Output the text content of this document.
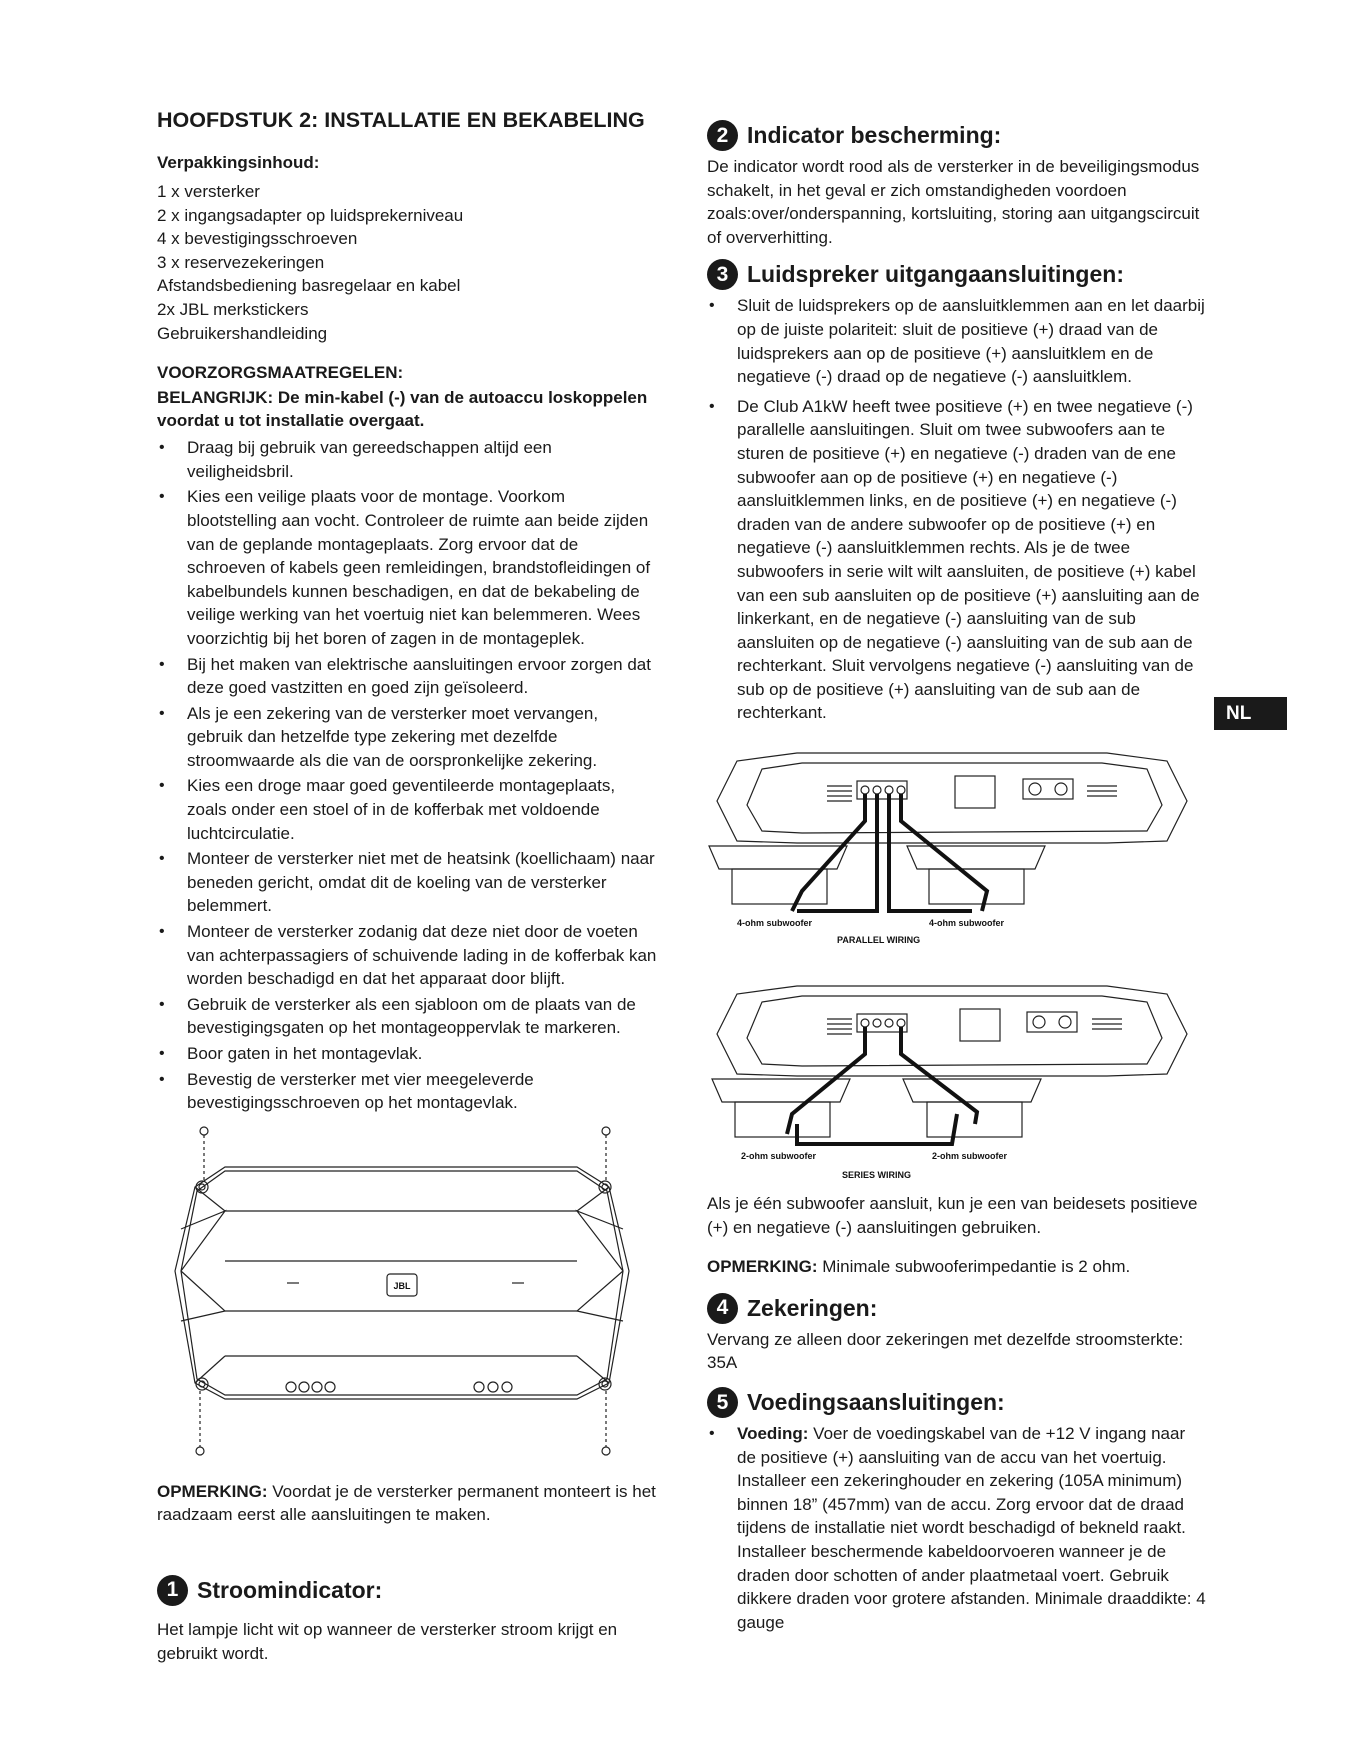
HOOFDSTUK 2: INSTALLATIE EN BEKABELING
Verpakkingsinhoud:
1 x versterker
2 x ingangsadapter op luidsprekerniveau
4 x bevestigingsschroeven
3 x reservezekeringen
Afstandsbediening basregelaar en kabel
2x JBL merkstickers
Gebruikershandleiding
VOORZORGSMAATREGELEN:
BELANGRIJK: De min-kabel (-) van de autoaccu loskoppelen voordat u tot installatie overgaat.
• Draag bij gebruik van gereedschappen altijd een veiligheidsbril.
• Kies een veilige plaats voor de montage. Voorkom blootstelling aan vocht. Controleer de ruimte aan beide zijden van de geplande montageplaats. Zorg ervoor dat de schroeven of kabels geen remleidingen, brandstofleidingen of kabelbundels kunnen beschadigen, en dat de bekabeling de veilige werking van het voertuig niet kan belemmeren. Wees voorzichtig bij het boren of zagen in de montageplek.
• Bij het maken van elektrische aansluitingen ervoor zorgen dat deze goed vastzitten en goed zijn geïsoleerd.
• Als je een zekering van de versterker moet vervangen, gebruik dan hetzelfde type zekering met dezelfde stroomwaarde als die van de oorspronkelijke zekering.
• Kies een droge maar goed geventileerde montageplaats, zoals onder een stoel of in de kofferbak met voldoende luchtcirculatie.
• Monteer de versterker niet met de heatsink (koellichaam) naar beneden gericht, omdat dit de koeling van de versterker belemmert.
• Monteer de versterker zodanig dat deze niet door de voeten van achterpassagiers of schuivende lading in de kofferbak kan worden beschadigd en dat het apparaat door blijft.
• Gebruik de versterker als een sjabloon om de plaats van de bevestigingsgaten op het montageoppervlak te markeren.
• Boor gaten in het montagevlak.
• Bevestig de versterker met vier meegeleverde bevestigingsschroeven op het montagevlak.
JBL

OPMERKING: Voordat je de versterker permanent monteert is het raadzaam eerst alle aansluitingen te maken.

1 Stroomindicator:

Het lampje licht wit op wanneer de versterker stroom krijgt en gebruikt wordt.

2 Indicator bescherming:

De indicator wordt rood als de versterker in de beveiligingsmodus schakelt, in het geval er zich omstandigheden voordoen zoals:over/onderspanning, kortsluiting, storing aan uitgangscircuit of oververhitting.

3 Luidspreker uitgangaansluitingen:
• Sluit de luidsprekers op de aansluitklemmen aan en let daarbij op de juiste polariteit: sluit de positieve (+) draad van de luidsprekers aan op de positieve (+) aansluitklem en de negatieve (-) draad op de negatieve (-) aansluitklem.
• De Club A1kW heeft twee positieve (+) en twee negatieve (-) parallelle aansluitingen. Sluit om twee subwoofers aan te sturen de positieve (+) en negatieve (-) draden van de ene subwoofer aan op de positieve (+) en negatieve (-) aansluitklemmen links, en de positieve (+) en negatieve (-) draden van de andere subwoofer op de positieve (+) en negatieve (-) aansluitklemmen rechts. Als je de twee subwoofers in serie wilt wilt aansluiten, de positieve (+) kabel van een sub aansluiten op de positieve (+) aansluiting aan de linkerkant, en de negatieve (-) aansluiting van de sub aansluiten op de negatieve (-) aansluiting van de sub aan de rechterkant. Sluit vervolgens negatieve (-) aansluiting van de sub op de positieve (+) aansluiting van de sub aan de rechterkant.
4-ohm subwoofer	4-ohm subwoofer
PARALLEL WIRING
2-ohm subwoofer	2-ohm subwoofer
SERIES WIRING

Als je één subwoofer aansluit, kun je een van beidesets positieve (+) en negatieve (-) aansluitingen gebruiken.

OPMERKING: Minimale subwooferimpedantie is 2 ohm.

4 Zekeringen:

Vervang ze alleen door zekeringen met dezelfde stroomsterkte: 35A

5 Voedingsaansluitingen:
• Voeding: Voer de voedingskabel van de +12 V ingang naar de positieve (+) aansluiting van de accu van het voertuig. Installeer een zekeringhouder en zekering (105A minimum) binnen 18” (457mm) van de accu. Zorg ervoor dat de draad tijdens de installatie niet wordt beschadigd of bekneld raakt. Installeer beschermende kabeldoorvoeren wanneer je de draden door schotten of ander plaatmetaal voert. Gebruik dikkere draden voor grotere afstanden. Minimale draaddikte: 4 gauge
NL
